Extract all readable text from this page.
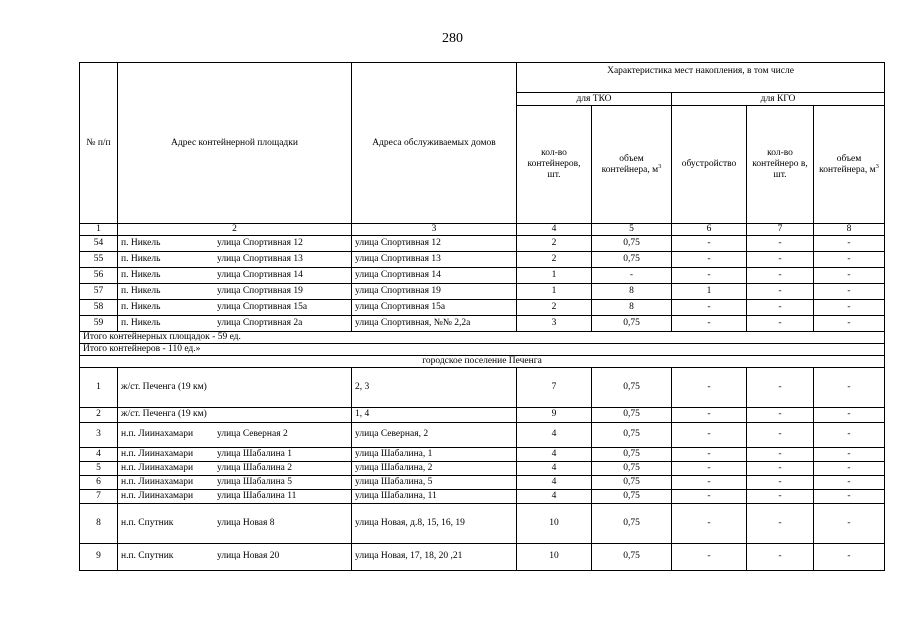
280
№ п/п	Адрес контейнерной площадки	Адреса обслуживаемых домов	Характеристика мест накопления, в том числе				
			для ТКО		для КГО		
			кол-во контейнеров, шт.	объем контейнера, $м^3$	обустройство	кол-во контейнеро в, шт.	объем контейнера, $м^3$
1	2	3	4	5	6	7	8
54	п. Никель улица Спортивная 12	улица Спортивная 12	2	0,75	-	-	-
55	п. Никель улица Спортивная 13	улица Спортивная 13	2	0,75	-	-	-
56	п. Никель улица Спортивная 14	улица Спортивная 14	1	-	-	-	-
57	п. Никель улица Спортивная 19	улица Спортивная 19	1	8	1	-	-
58	п. Никель улица Спортивная 15а	улица Спортивная 15а	2	8	-	-	-
59	п. Никель улица Спортивная 2а	улица Спортивная, №№ 2,2а	3	0,75	-	-	-
Итого контейнерных площадок - 59 ед.							
Итого контейнеров - 110 ед.»							
городское поселение Печенга							
1	ж/ст. Печенга (19 км)	2, 3	7	0,75	-	-	-
2	ж/ст. Печенга (19 км)	1, 4	9	0,75	-	-	-
3	н.п. Лиинахамари улица Северная 2	улица Северная, 2	4	0,75	-	-	-
4	н.п. Лиинахамари улица Шабалина 1	улица Шабалина, 1	4	0,75	-	-	-
5	н.п. Лиинахамари улица Шабалина 2	улица Шабалина, 2	4	0,75	-	-	-
6	н.п. Лиинахамари улица Шабалина 5	улица Шабалина, 5	4	0,75	-	-	-
7	н.п. Лиинахамари улица Шабалина 11	улица Шабалина, 11	4	0,75	-	-	-
8	н.п. Спутник улица Новая 8	улица Новая, д.8, 15, 16, 19	10	0,75	-	-	-
9	н.п. Спутник улица Новая 20	улица Новая, 17, 18, 20 ,21	10	0,75	-	-	-
